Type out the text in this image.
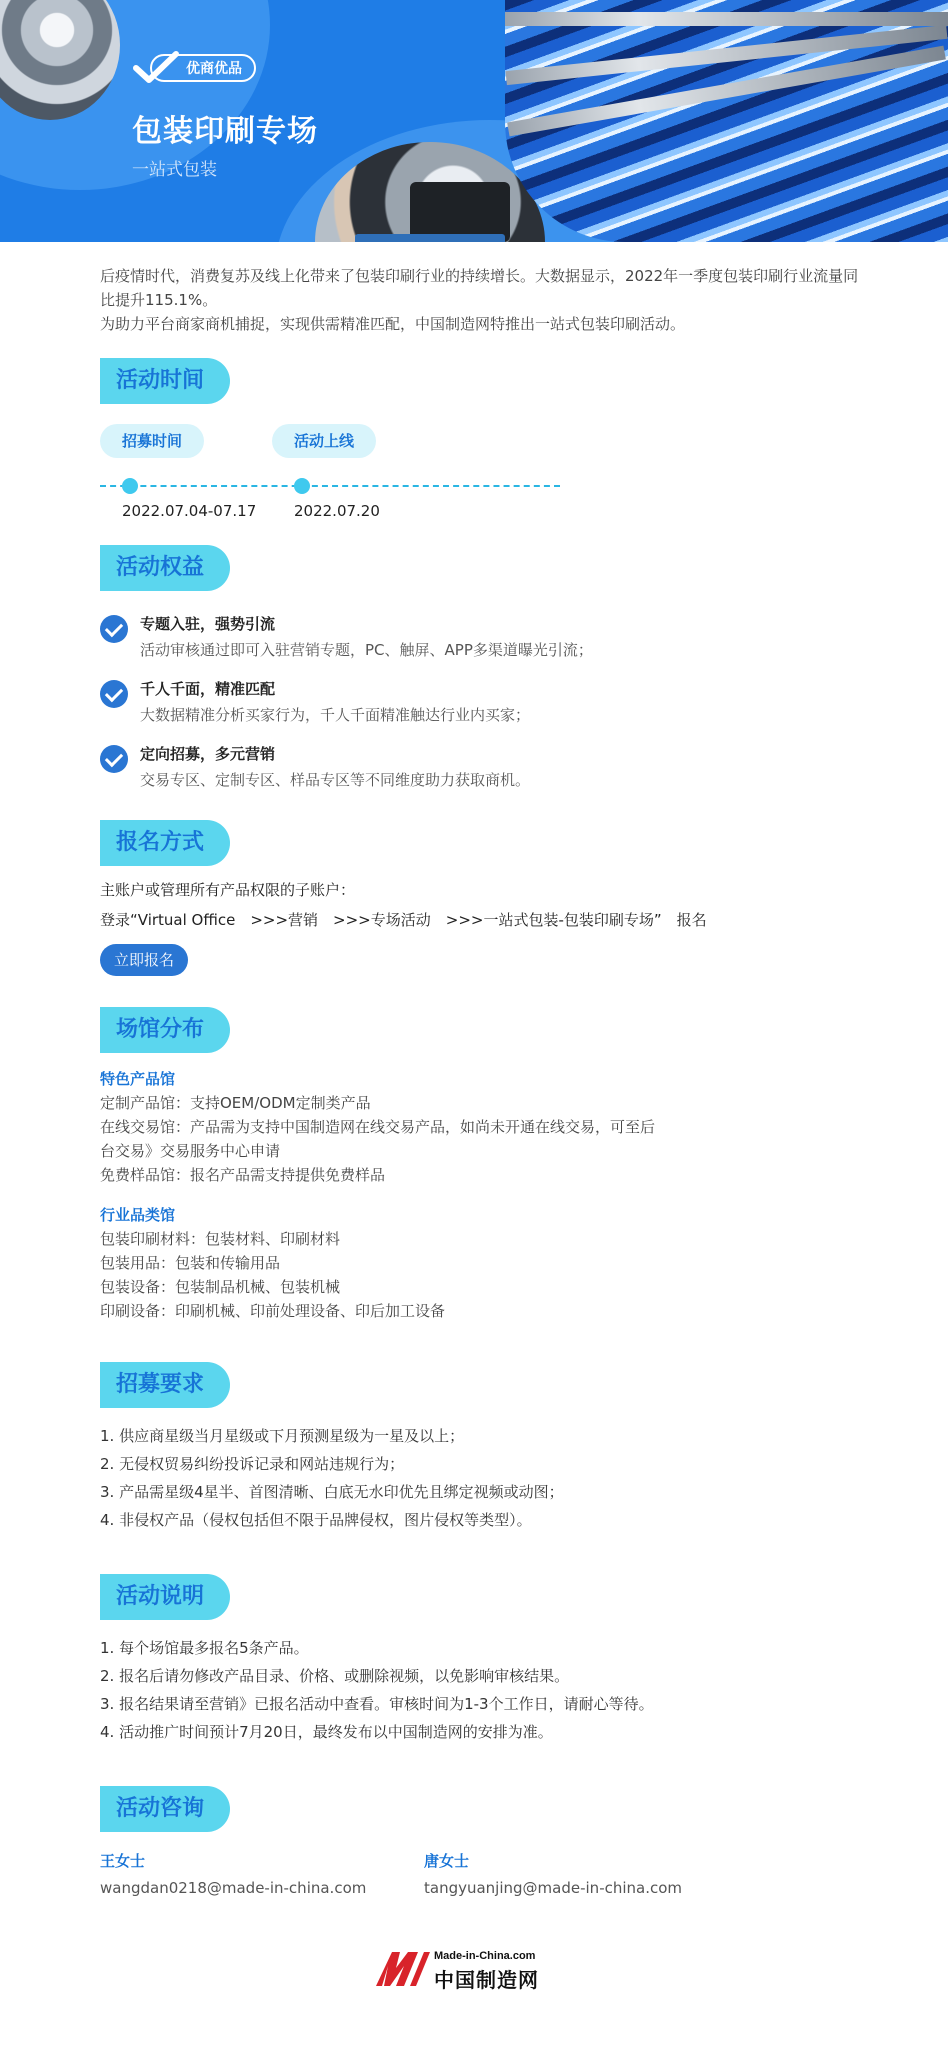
优商优品
包装印刷专场
一站式包装

后疫情时代，消费复苏及线上化带来了包装印刷行业的持续增长。大数据显示，2022年一季度包装印刷行业流量同比提升115.1%。

为助力平台商家商机捕捉，实现供需精准匹配，中国制造网特推出一站式包装印刷活动。

活动时间
招募时间	活动上线
2022.07.04-07.17	2022.07.20
活动权益
专题入驻，强势引流
活动审核通过即可入驻营销专题，PC、触屏、APP多渠道曝光引流；
千人千面，精准匹配
大数据精准分析买家行为，千人千面精准触达行业内买家；
定向招募，多元营销
交易专区、定制专区、样品专区等不同维度助力获取商机。
报名方式
主账户或管理所有产品权限的子账户：
登录“Virtual Office　>>>营销　>>>专场活动　>>>一站式包装-包装印刷专场”　报名
立即报名
场馆分布
特色产品馆
定制产品馆：支持OEM/ODM定制类产品
在线交易馆：产品需为支持中国制造网在线交易产品，如尚未开通在线交易，可至后
台交易》交易服务中心申请
免费样品馆：报名产品需支持提供免费样品
行业品类馆
包装印刷材料：包装材料、印刷材料
包装用品：包装和传输用品
包装设备：包装制品机械、包装机械
印刷设备：印刷机械、印前处理设备、印后加工设备
招募要求
1. 供应商星级当月星级或下月预测星级为一星及以上；
2. 无侵权贸易纠纷投诉记录和网站违规行为；
3. 产品需星级4星半、首图清晰、白底无水印优先且绑定视频或动图；
4. 非侵权产品（侵权包括但不限于品牌侵权，图片侵权等类型）。
活动说明
1. 每个场馆最多报名5条产品。
2. 报名后请勿修改产品目录、价格、或删除视频，以免影响审核结果。
3. 报名结果请至营销》已报名活动中查看。审核时间为1-3个工作日，请耐心等待。
4. 活动推广时间预计7月20日，最终发布以中国制造网的安排为准。
活动咨询
王女士
wangdan0218@made-in-china.com
唐女士
tangyuanjing@made-in-china.com
Made-in-China.com
中国制造网
